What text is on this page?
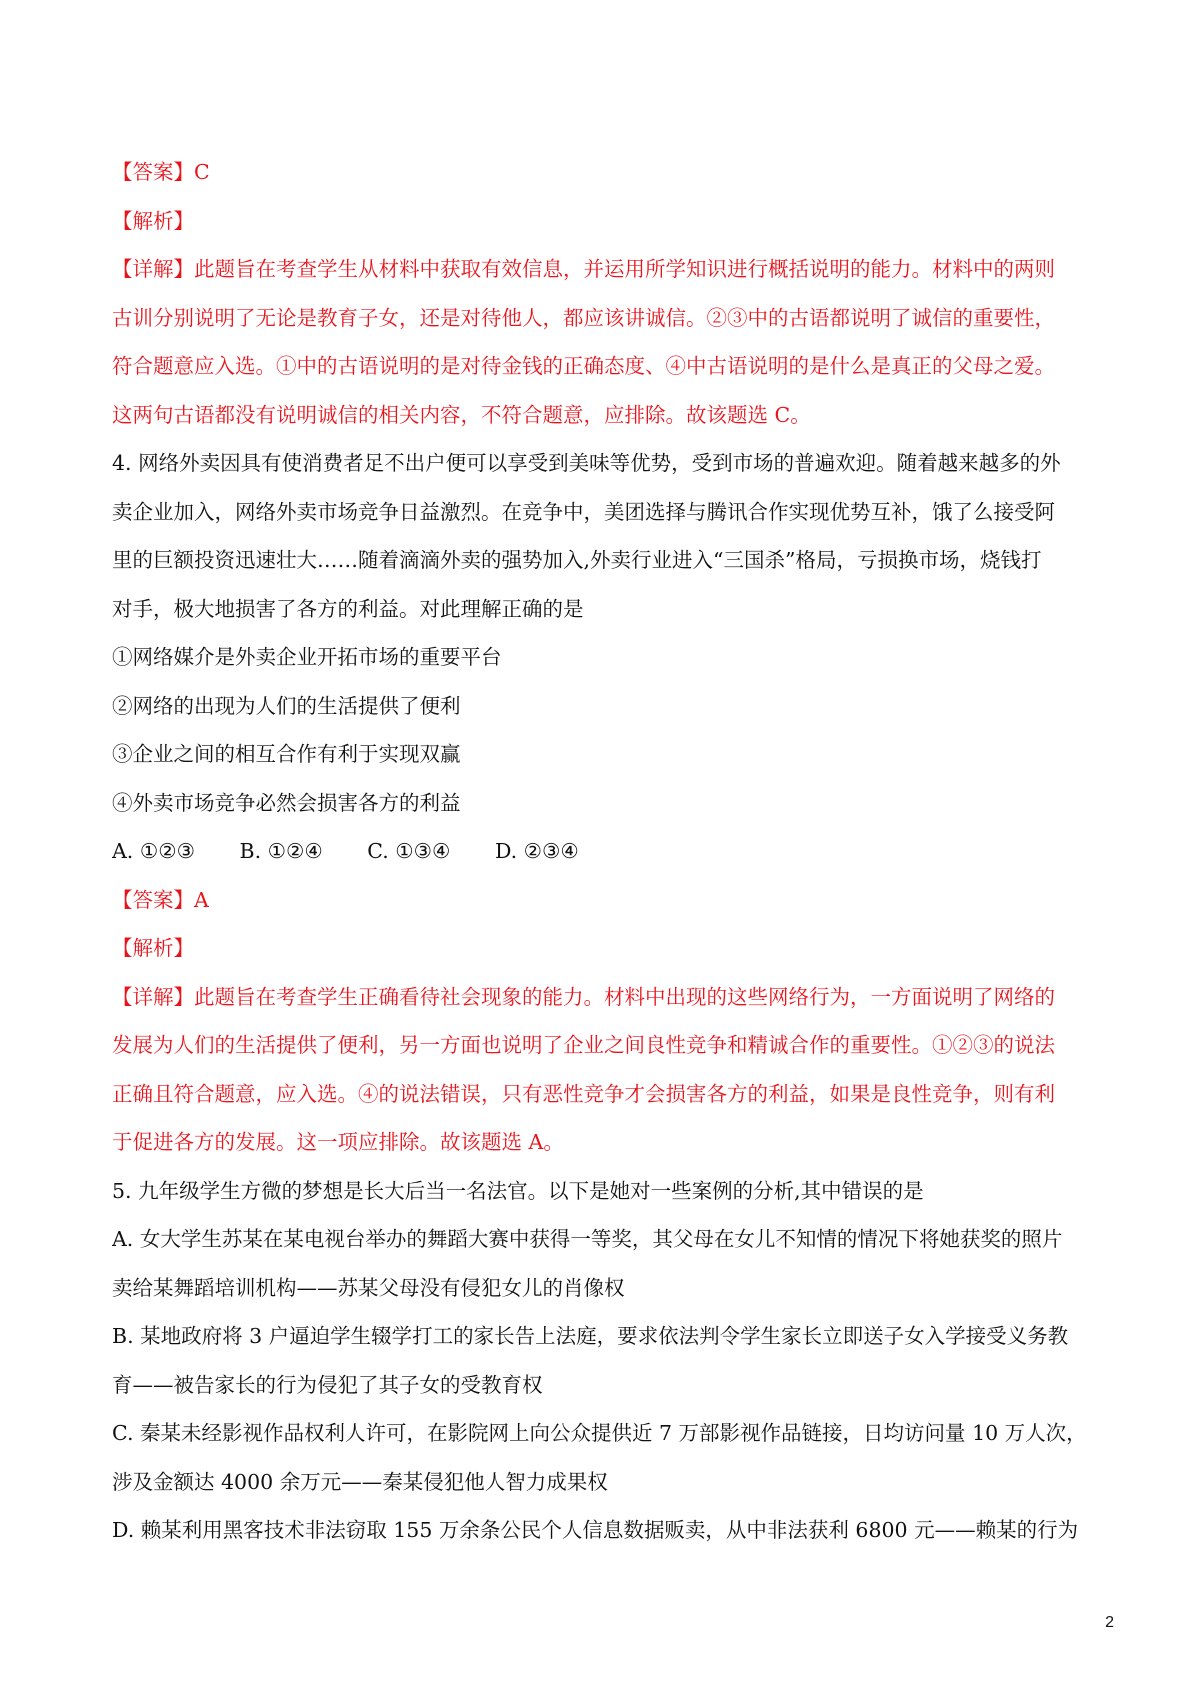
【答案】C
【解析】
【详解】此题旨在考查学生从材料中获取有效信息，并运用所学知识进行概括说明的能力。材料中的两则
古训分别说明了无论是教育子女，还是对待他人，都应该讲诚信。②③中的古语都说明了诚信的重要性，
符合题意应入选。①中的古语说明的是对待金钱的正确态度、④中古语说明的是什么是真正的父母之爱。
这两句古语都没有说明诚信的相关内容，不符合题意，应排除。故该题选 C。
4. 网络外卖因具有使消费者足不出户便可以享受到美味等优势，受到市场的普遍欢迎。随着越来越多的外
卖企业加入，网络外卖市场竞争日益激烈。在竞争中，美团选择与腾讯合作实现优势互补，饿了么接受阿
里的巨额投资迅速壮大……随着滴滴外卖的强势加入,外卖行业进入“三国杀”格局，亏损换市场，烧钱打
对手，极大地损害了各方的利益。对此理解正确的是
①网络媒介是外卖企业开拓市场的重要平台
②网络的出现为人们的生活提供了便利
③企业之间的相互合作有利于实现双赢
④外卖市场竞争必然会损害各方的利益
A. ①②③ B. ①②④ C. ①③④ D. ②③④
【答案】A
【解析】
【详解】此题旨在考查学生正确看待社会现象的能力。材料中出现的这些网络行为，一方面说明了网络的
发展为人们的生活提供了便利，另一方面也说明了企业之间良性竞争和精诚合作的重要性。①②③的说法
正确且符合题意，应入选。④的说法错误，只有恶性竞争才会损害各方的利益，如果是良性竞争，则有利
于促进各方的发展。这一项应排除。故该题选 A。
5. 九年级学生方微的梦想是长大后当一名法官。以下是她对一些案例的分析,其中错误的是
A. 女大学生苏某在某电视台举办的舞蹈大赛中获得一等奖，其父母在女儿不知情的情况下将她获奖的照片
卖给某舞蹈培训机构——苏某父母没有侵犯女儿的肖像权
B. 某地政府将 3 户逼迫学生辍学打工的家长告上法庭，要求依法判令学生家长立即送子女入学接受义务教
育——被告家长的行为侵犯了其子女的受教育权
C. 秦某未经影视作品权利人许可，在影院网上向公众提供近 7 万部影视作品链接，日均访问量 10 万人次，
涉及金额达 4000 余万元——秦某侵犯他人智力成果权
D. 赖某利用黑客技术非法窃取 155 万余条公民个人信息数据贩卖，从中非法获利 6800 元——赖某的行为
2
